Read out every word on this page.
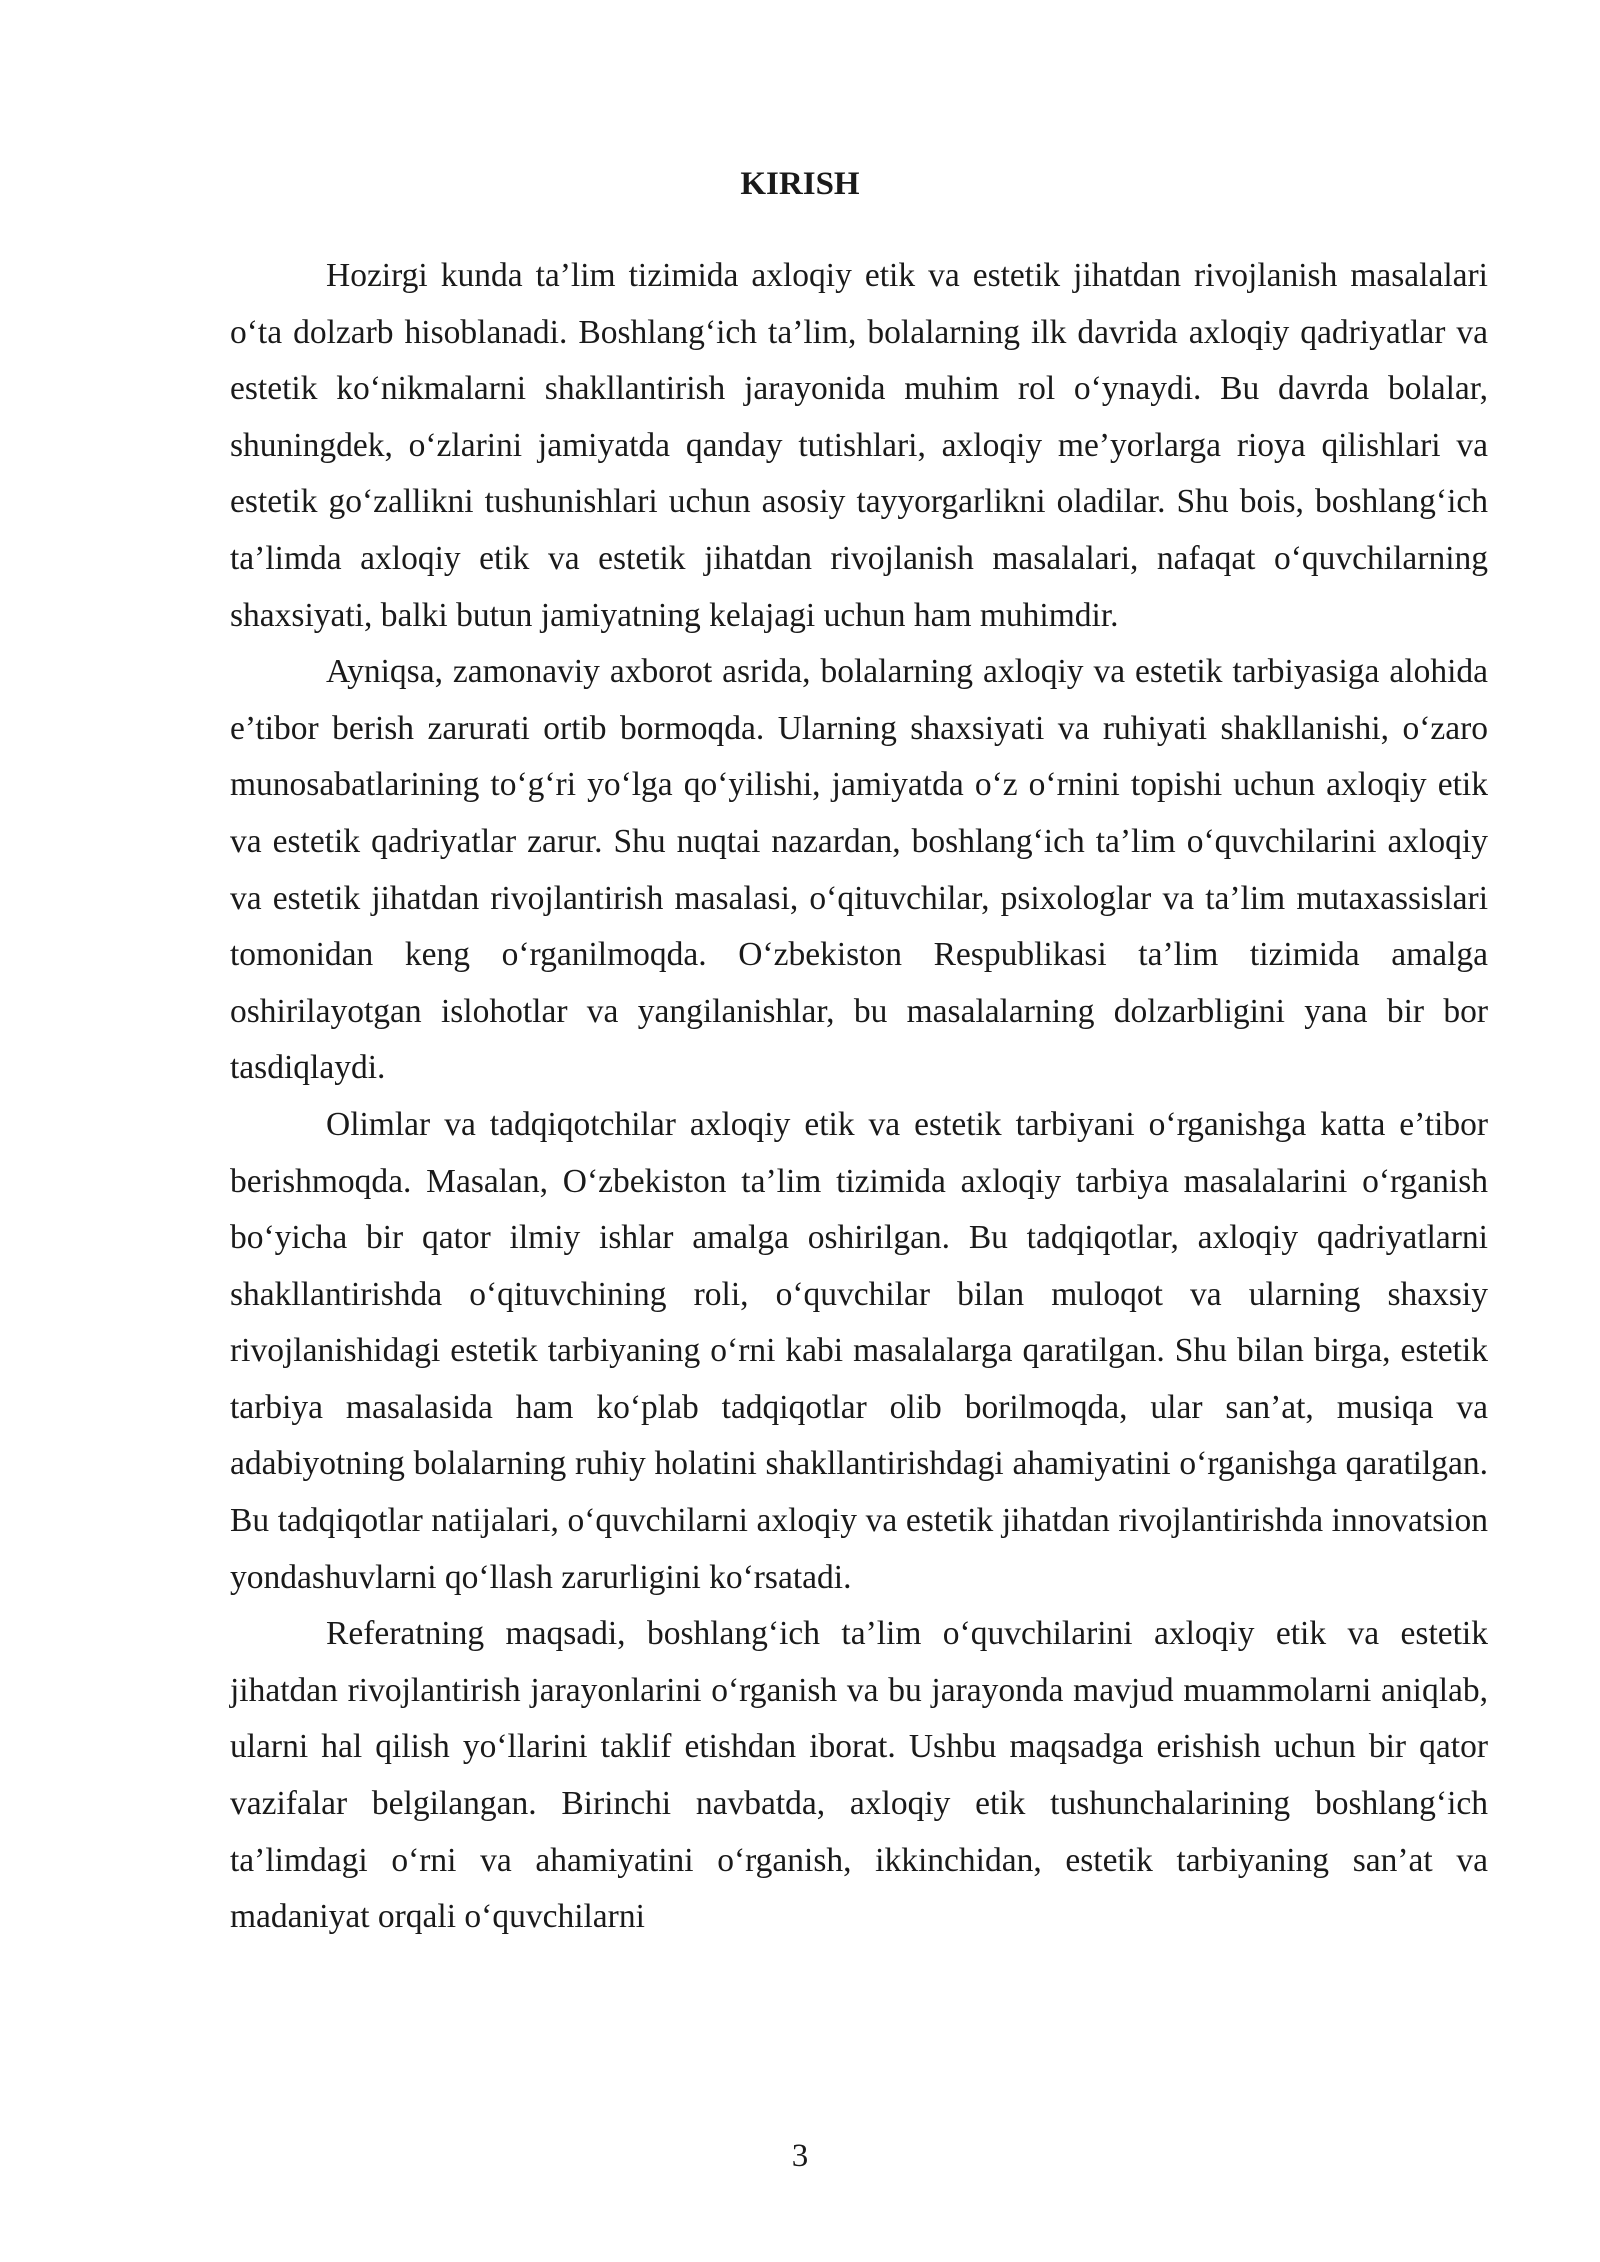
KIRISH

Hozirgi kunda ta’lim tizimida axloqiy etik va estetik jihatdan rivojlanish masalalari o‘ta dolzarb hisoblanadi. Boshlang‘ich ta’lim, bolalarning ilk davrida axloqiy qadriyatlar va estetik ko‘nikmalarni shakllantirish jarayonida muhim rol o‘ynaydi. Bu davrda bolalar, shuningdek, o‘zlarini jamiyatda qanday tutishlari, axloqiy me’yorlarga rioya qilishlari va estetik go‘zallikni tushunishlari uchun asosiy tayyorgarlikni oladilar. Shu bois, boshlang‘ich ta’limda axloqiy etik va estetik jihatdan rivojlanish masalalari, nafaqat o‘quvchilarning shaxsiyati, balki butun jamiyatning kelajagi uchun ham muhimdir.

Ayniqsa, zamonaviy axborot asrida, bolalarning axloqiy va estetik tarbiyasiga alohida e’tibor berish zarurati ortib bormoqda. Ularning shaxsiyati va ruhiyati shakllanishi, o‘zaro munosabatlarining to‘g‘ri yo‘lga qo‘yilishi, jamiyatda o‘z o‘rnini topishi uchun axloqiy etik va estetik qadriyatlar zarur. Shu nuqtai nazardan, boshlang‘ich ta’lim o‘quvchilarini axloqiy va estetik jihatdan rivojlantirish masalasi, o‘qituvchilar, psixologlar va ta’lim mutaxassislari tomonidan keng o‘rganilmoqda. O‘zbekiston Respublikasi ta’lim tizimida amalga oshirilayotgan islohotlar va yangilanishlar, bu masalalarning dolzarbligini yana bir bor tasdiqlaydi.

Olimlar va tadqiqotchilar axloqiy etik va estetik tarbiyani o‘rganishga katta e’tibor berishmoqda. Masalan, O‘zbekiston ta’lim tizimida axloqiy tarbiya masalalarini o‘rganish bo‘yicha bir qator ilmiy ishlar amalga oshirilgan. Bu tadqiqotlar, axloqiy qadriyatlarni shakllantirishda o‘qituvchining roli, o‘quvchilar bilan muloqot va ularning shaxsiy rivojlanishidagi estetik tarbiyaning o‘rni kabi masalalarga qaratilgan. Shu bilan birga, estetik tarbiya masalasida ham ko‘plab tadqiqotlar olib borilmoqda, ular san’at, musiqa va adabiyotning bolalarning ruhiy holatini shakllantirishdagi ahamiyatini o‘rganishga qaratilgan. Bu tadqiqotlar natijalari, o‘quvchilarni axloqiy va estetik jihatdan rivojlantirishda innovatsion yondashuvlarni qo‘llash zarurligini ko‘rsatadi.

Referatning maqsadi, boshlang‘ich ta’lim o‘quvchilarini axloqiy etik va estetik jihatdan rivojlantirish jarayonlarini o‘rganish va bu jarayonda mavjud muammolarni aniqlab, ularni hal qilish yo‘llarini taklif etishdan iborat. Ushbu maqsadga erishish uchun bir qator vazifalar belgilangan. Birinchi navbatda, axloqiy etik tushunchalarining boshlang‘ich ta’limdagi o‘rni va ahamiyatini o‘rganish, ikkinchidan, estetik tarbiyaning san’at va madaniyat orqali o‘quvchilarni

3
